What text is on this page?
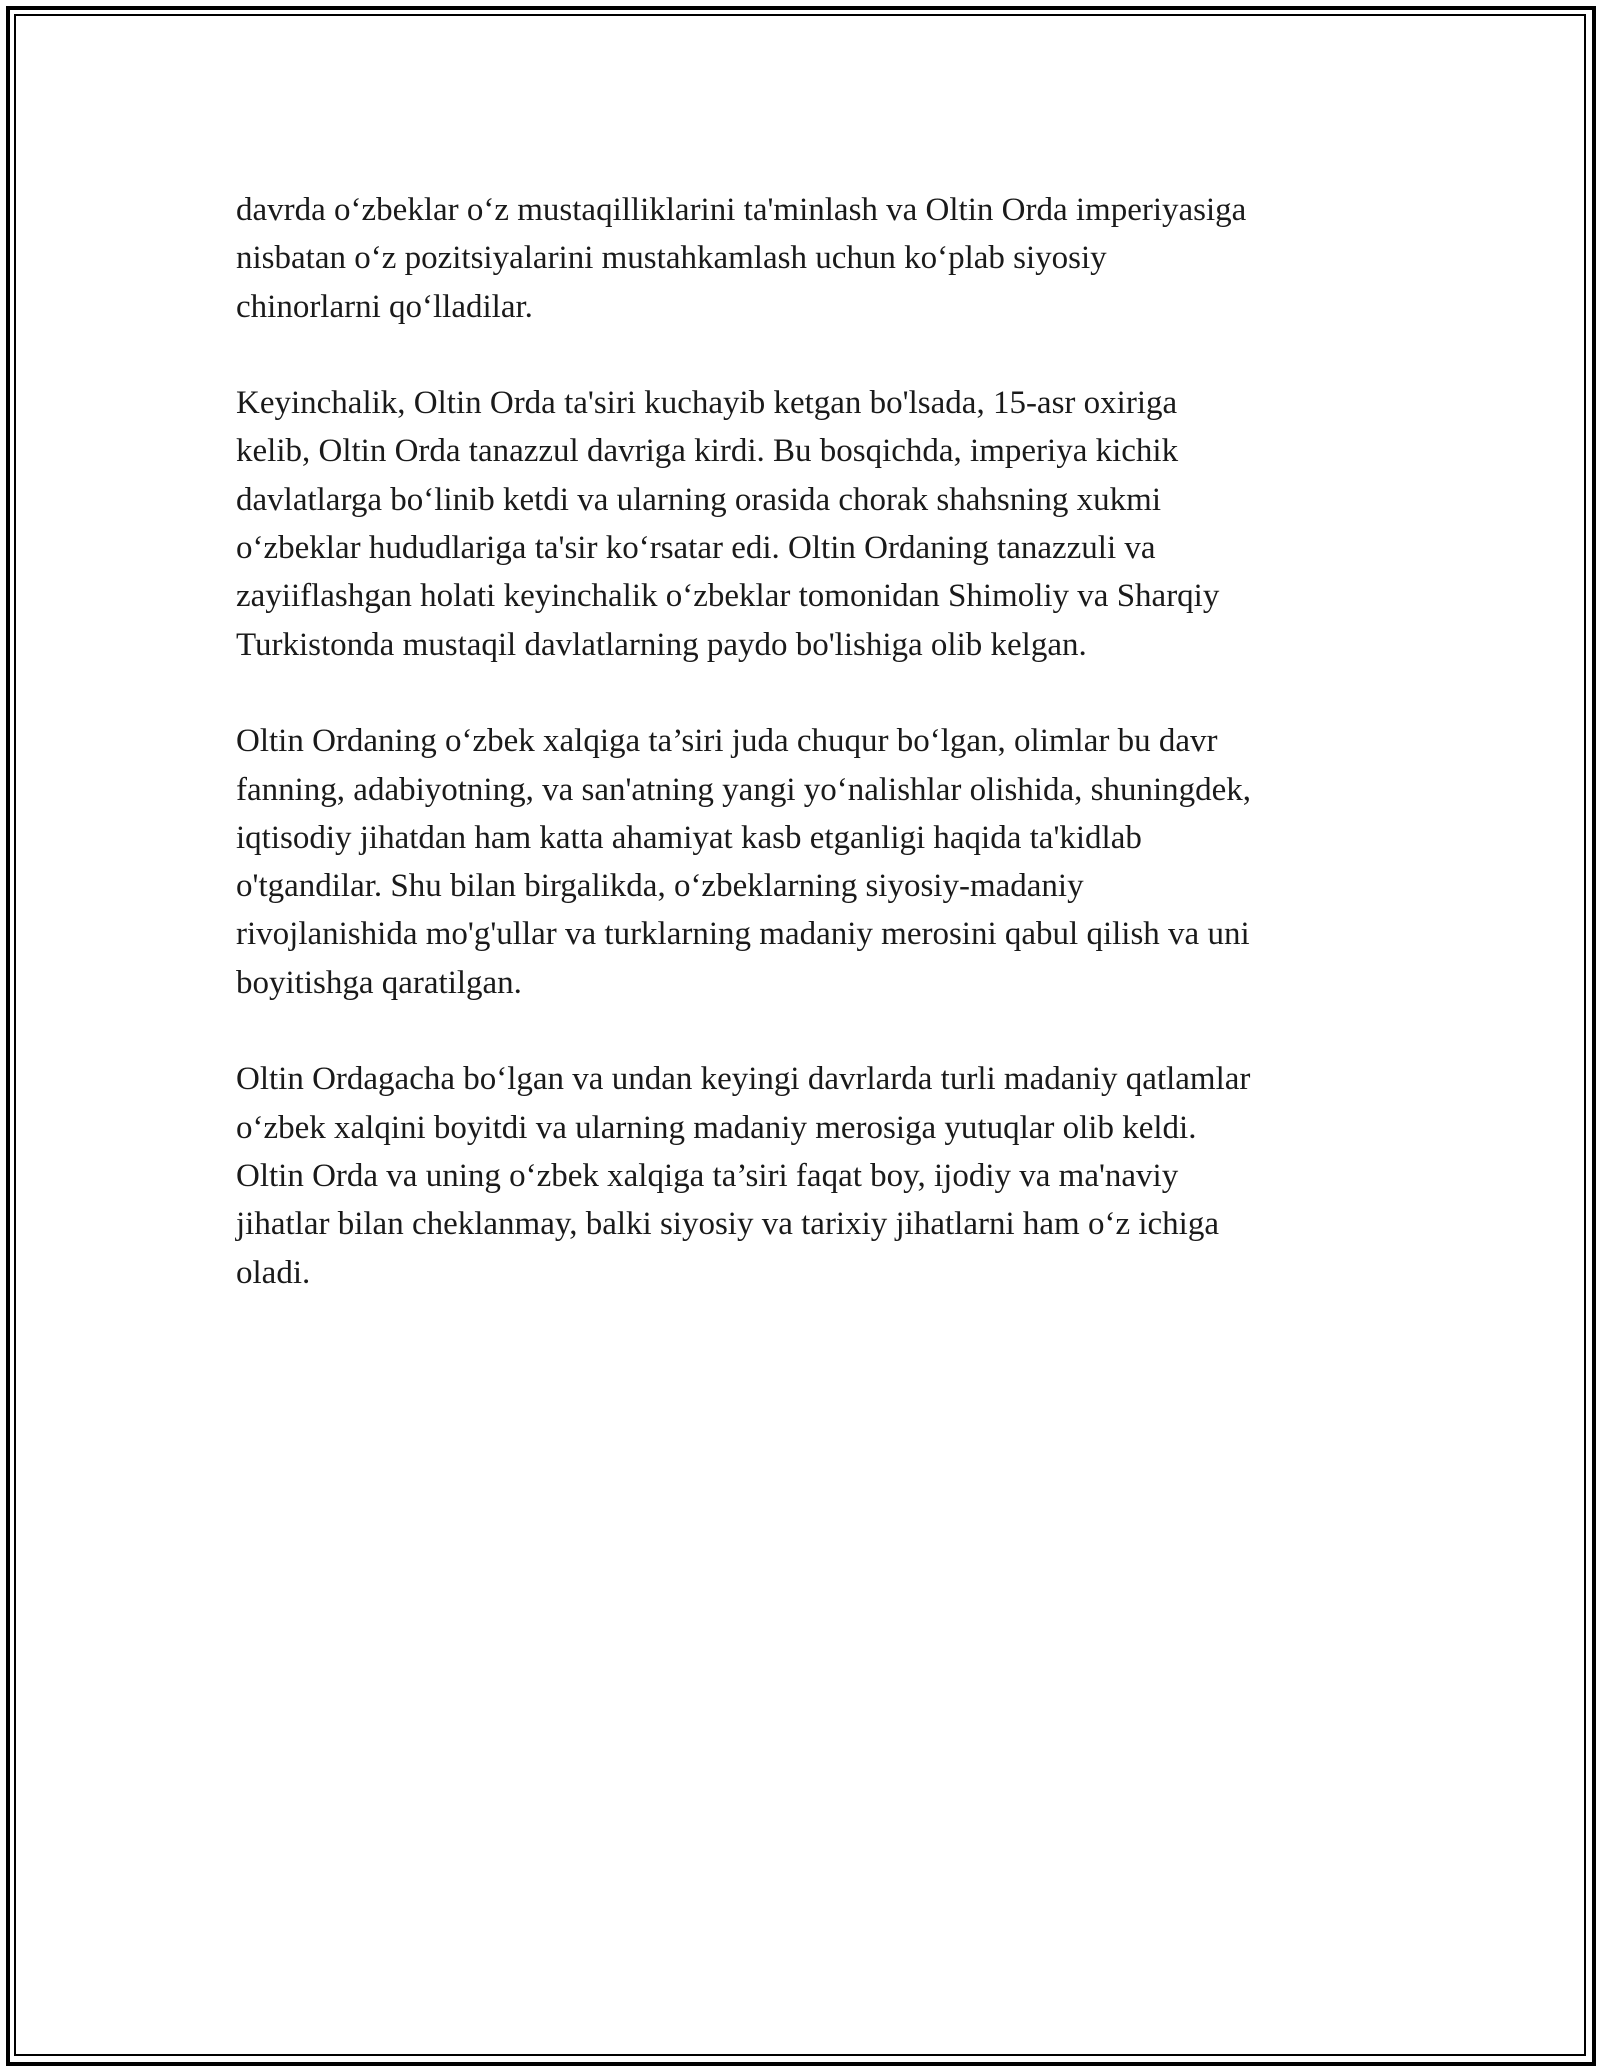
davrda o‘zbeklar o‘z mustaqilliklarini ta'minlash va Oltin Orda imperiyasiga
nisbatan o‘z pozitsiyalarini mustahkamlash uchun ko‘plab siyosiy
chinorlarni qo‘lladilar.

Keyinchalik, Oltin Orda ta'siri kuchayib ketgan bo'lsada, 15-asr oxiriga
kelib, Oltin Orda tanazzul davriga kirdi. Bu bosqichda, imperiya kichik
davlatlarga bo‘linib ketdi va ularning orasida chorak shahsning xukmi
o‘zbeklar hududlariga ta'sir ko‘rsatar edi. Oltin Ordaning tanazzuli va
zayiiflashgan holati keyinchalik o‘zbeklar tomonidan Shimoliy va Sharqiy
Turkistonda mustaqil davlatlarning paydo bo'lishiga olib kelgan.

Oltin Ordaning o‘zbek xalqiga ta’siri juda chuqur bo‘lgan, olimlar bu davr
fanning, adabiyotning, va san'atning yangi yo‘nalishlar olishida, shuningdek,
iqtisodiy jihatdan ham katta ahamiyat kasb etganligi haqida ta'kidlab
o'tgandilar. Shu bilan birgalikda, o‘zbeklarning siyosiy-madaniy
rivojlanishida mo'g'ullar va turklarning madaniy merosini qabul qilish va uni
boyitishga qaratilgan.

Oltin Ordagacha bo‘lgan va undan keyingi davrlarda turli madaniy qatlamlar
o‘zbek xalqini boyitdi va ularning madaniy merosiga yutuqlar olib keldi.
Oltin Orda va uning o‘zbek xalqiga ta’siri faqat boy, ijodiy va ma'naviy
jihatlar bilan cheklanmay, balki siyosiy va tarixiy jihatlarni ham o‘z ichiga
oladi.
